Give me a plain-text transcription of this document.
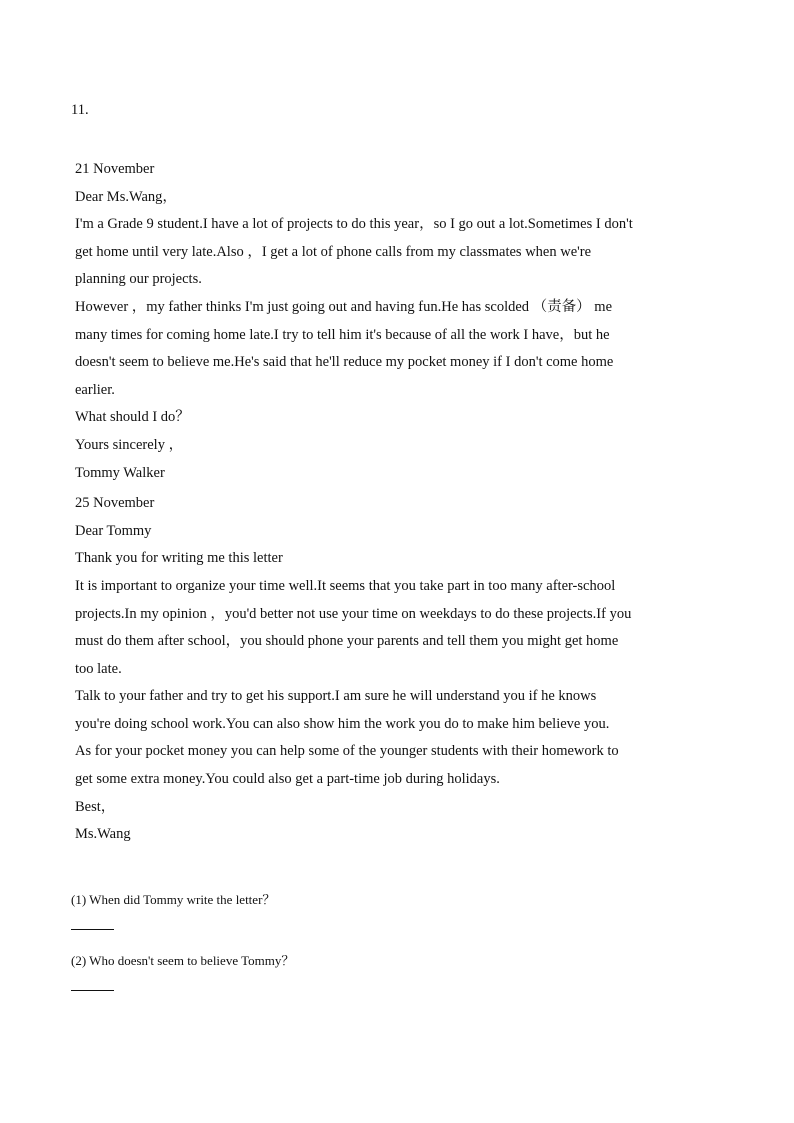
11.
21 November
Dear Ms.Wang，
I'm a Grade 9 student.I have a lot of projects to do this year，so I go out a lot.Sometimes I don't
get home until very late.Also ，I get a lot of phone calls from my classmates when we're
planning our projects.
However ，my father thinks I'm just going out and having fun.He has scolded （责备） me
many times for coming home late.I try to tell him it's because of all the work I have，but he
doesn't seem to believe me.He's said that he'll reduce my pocket money if I don't come home
earlier.
What should I do？
Yours sincerely ，
Tommy Walker
25 November
Dear Tommy
Thank you for writing me this letter
It is important to organize your time well.It seems that you take part in too many after-school
projects.In my opinion ，you'd better not use your time on weekdays to do these projects.If you
must do them after school，you should phone your parents and tell them you might get home
too late.
Talk to your father and try to get his support.I am sure he will understand you if he knows
you're doing school work.You can also show him the work you do to make him believe you.
As for your pocket money you can help some of the younger students with their homework to
get some extra money.You could also get a part-time job during holidays.
Best，
Ms.Wang
(1) When did Tommy write the letter？
(2) Who doesn't seem to believe Tommy？
